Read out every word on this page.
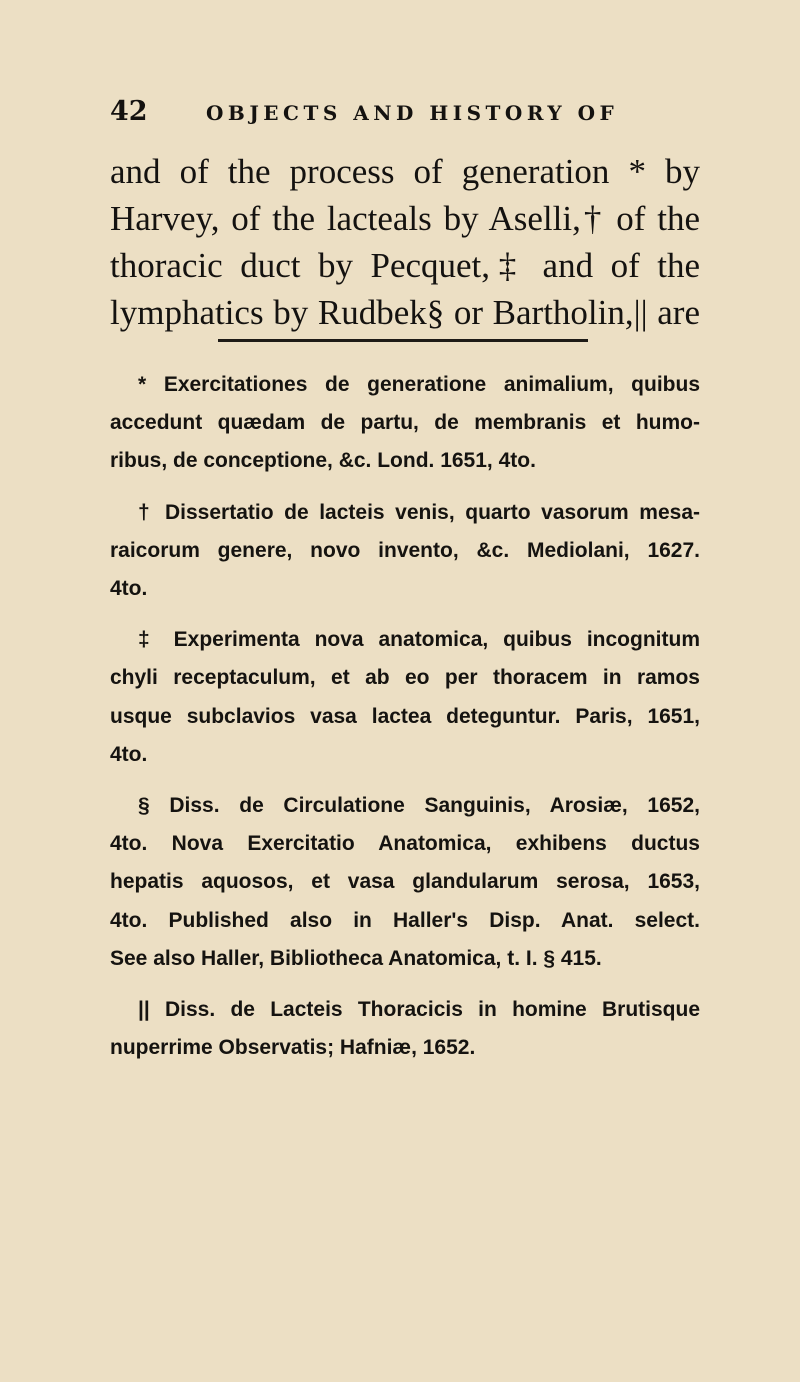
42	OBJECTS AND HISTORY OF
and of the process of generation * by
Harvey, of the lacteals by Aselli,† of the
thoracic duct by Pecquet,‡ and of the
lymphatics by Rudbek§ or Bartholin,|| are
* Exercitationes de generatione animalium, quibus
accedunt quædam de partu, de membranis et humo-
ribus, de conceptione, &c. Lond. 1651, 4to.
† Dissertatio de lacteis venis, quarto vasorum mesa-
raicorum genere, novo invento, &c. Mediolani, 1627.
4to.
‡ Experimenta nova anatomica, quibus incognitum
chyli receptaculum, et ab eo per thoracem in ramos
usque subclavios vasa lactea deteguntur. Paris, 1651,
4to.
§ Diss. de Circulatione Sanguinis, Arosiæ, 1652,
4to. Nova Exercitatio Anatomica, exhibens ductus
hepatis aquosos, et vasa glandularum serosa, 1653,
4to. Published also in Haller's Disp. Anat. select.
See also Haller, Bibliotheca Anatomica, t. I. § 415.
|| Diss. de Lacteis Thoracicis in homine Brutisque
nuperrime Observatis; Hafniæ, 1652.
